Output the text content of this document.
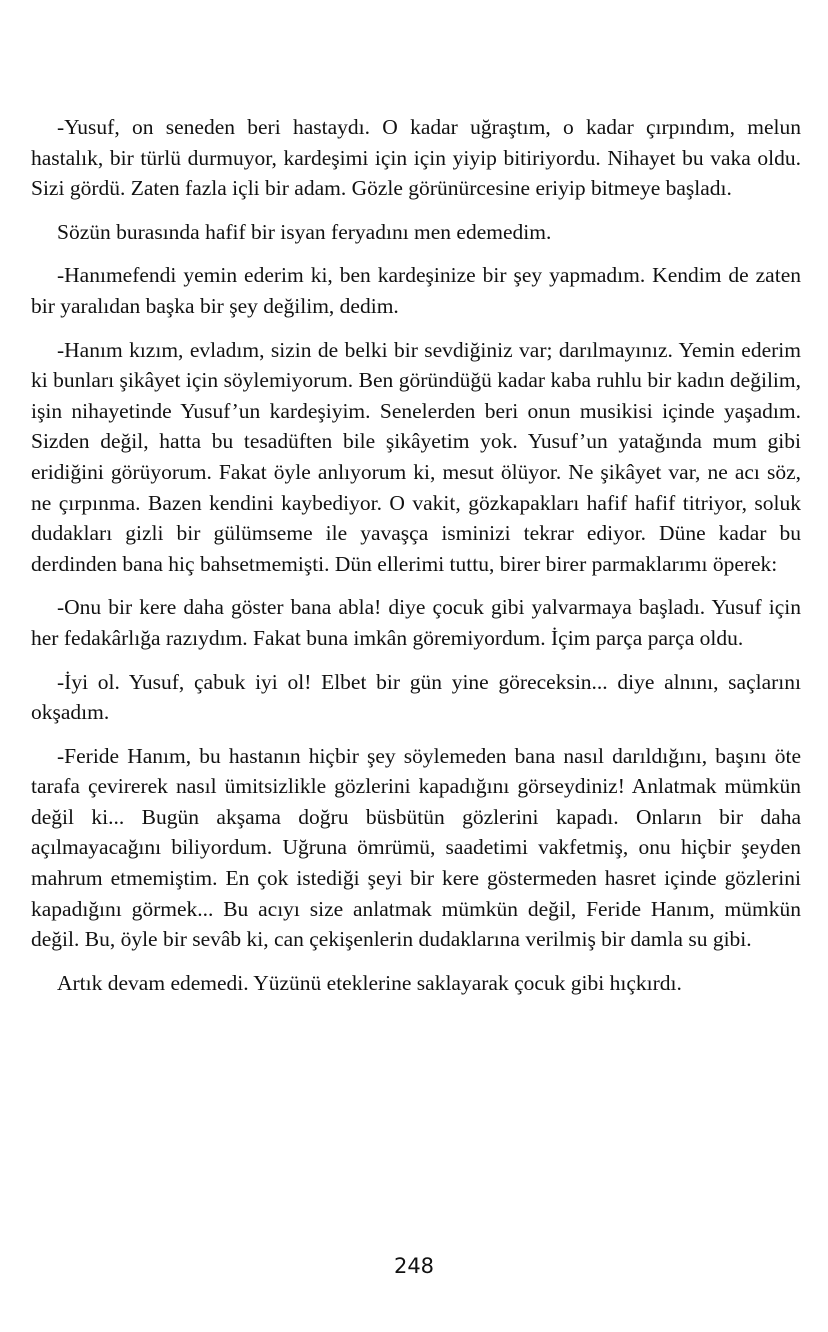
-Yusuf, on seneden beri hastaydı. O kadar uğraştım, o kadar çırpındım, melun hastalık, bir türlü durmuyor, kardeşimi için için yiyip bitiriyordu. Nihayet bu vaka oldu. Sizi gördü. Zaten fazla içli bir adam. Gözle görünürcesine eriyip bitmeye başladı.

Sözün burasında hafif bir isyan feryadını men edemedim.

-Hanımefendi yemin ederim ki, ben kardeşinize bir şey yapmadım. Kendim de zaten bir yaralıdan başka bir şey değilim, dedim.

-Hanım kızım, evladım, sizin de belki bir sevdiğiniz var; darılmayınız. Yemin ederim ki bunları şikâyet için söylemiyorum. Ben göründüğü kadar kaba ruhlu bir kadın değilim, işin nihayetinde Yusuf’un kardeşiyim. Senelerden beri onun musikisi içinde yaşadım. Sizden değil, hatta bu tesadüften bile şikâyetim yok. Yusuf’un yatağında mum gibi eridiğini görüyorum. Fakat öyle anlıyorum ki, mesut ölüyor. Ne şikâyet var, ne acı söz, ne çırpınma. Bazen kendini kaybediyor. O vakit, gözkapakları hafif hafif titriyor, soluk dudakları gizli bir gülümseme ile yavaşça isminizi tekrar ediyor. Düne kadar bu derdinden bana hiç bahsetmemişti. Dün ellerimi tuttu, birer birer parmaklarımı öperek:

-Onu bir kere daha göster bana abla! diye çocuk gibi yalvarmaya başladı. Yusuf için her fedakârlığa razıydım. Fakat buna imkân göremiyordum. İçim parça parça oldu.

-İyi ol. Yusuf, çabuk iyi ol! Elbet bir gün yine göreceksin... diye alnını, saçlarını okşadım.

-Feride Hanım, bu hastanın hiçbir şey söylemeden bana nasıl darıldığını, başını öte tarafa çevirerek nasıl ümitsizlikle gözlerini kapadığını görseydiniz! Anlatmak mümkün değil ki... Bugün akşama doğru büsbütün gözlerini kapadı. Onların bir daha açılmayacağını biliyordum. Uğruna ömrümü, saadetimi vakfetmiş, onu hiçbir şeyden mahrum etmemiştim. En çok istediği şeyi bir kere göstermeden hasret içinde gözlerini kapadığını görmek... Bu acıyı size anlatmak mümkün değil, Feride Hanım, mümkün değil. Bu, öyle bir sevâb ki, can çekişenlerin dudaklarına verilmiş bir damla su gibi.

Artık devam edemedi. Yüzünü eteklerine saklayarak çocuk gibi hıçkırdı.

248
